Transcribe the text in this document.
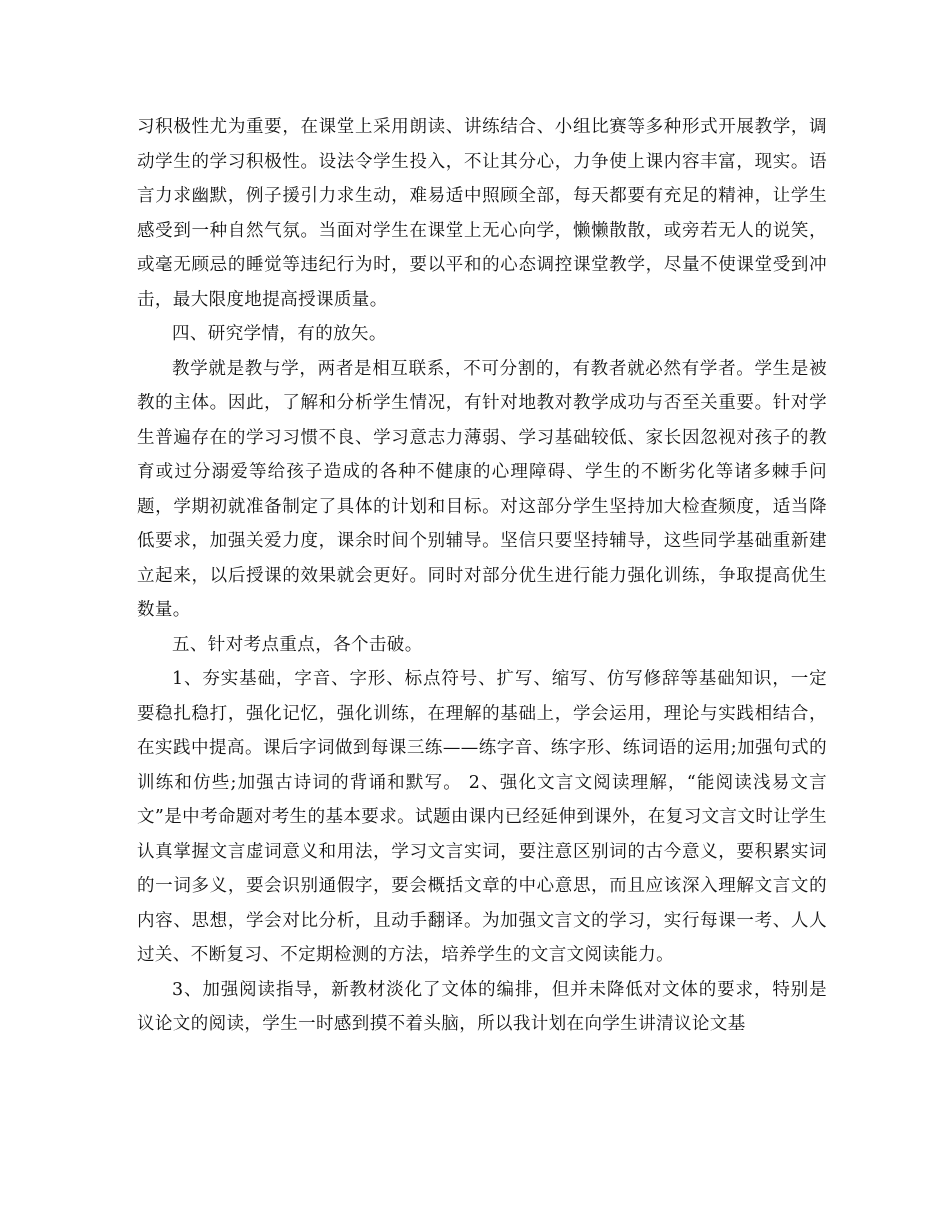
习积极性尤为重要，在课堂上采用朗读、讲练结合、小组比赛等多种形式开展教学，调动学生的学习积极性。设法令学生投入，不让其分心，力争使上课内容丰富，现实。语言力求幽默，例子援引力求生动，难易适中照顾全部，每天都要有充足的精神，让学生感受到一种自然气氛。当面对学生在课堂上无心向学，懒懒散散，或旁若无人的说笑，或毫无顾忌的睡觉等违纪行为时，要以平和的心态调控课堂教学，尽量不使课堂受到冲击，最大限度地提高授课质量。

四、研究学情，有的放矢。

教学就是教与学，两者是相互联系，不可分割的，有教者就必然有学者。学生是被教的主体。因此，了解和分析学生情况，有针对地教对教学成功与否至关重要。针对学生普遍存在的学习习惯不良、学习意志力薄弱、学习基础较低、家长因忽视对孩子的教育或过分溺爱等给孩子造成的各种不健康的心理障碍、学生的不断劣化等诸多棘手问题，学期初就准备制定了具体的计划和目标。对这部分学生坚持加大检查频度，适当降低要求，加强关爱力度，课余时间个别辅导。坚信只要坚持辅导，这些同学基础重新建立起来，以后授课的效果就会更好。同时对部分优生进行能力强化训练，争取提高优生数量。

五、针对考点重点，各个击破。

1、夯实基础，字音、字形、标点符号、扩写、缩写、仿写修辞等基础知识，一定要稳扎稳打，强化记忆，强化训练，在理解的基础上，学会运用，理论与实践相结合，在实践中提高。课后字词做到每课三练——练字音、练字形、练词语的运用;加强句式的训练和仿些;加强古诗词的背诵和默写。 2、强化文言文阅读理解，“能阅读浅易文言文”是中考命题对考生的基本要求。试题由课内已经延伸到课外，在复习文言文时让学生认真掌握文言虚词意义和用法，学习文言实词，要注意区别词的古今意义，要积累实词的一词多义，要会识别通假字，要会概括文章的中心意思，而且应该深入理解文言文的内容、思想，学会对比分析，且动手翻译。为加强文言文的学习，实行每课一考、人人过关、不断复习、不定期检测的方法，培养学生的文言文阅读能力。

3、加强阅读指导，新教材淡化了文体的编排，但并未降低对文体的要求，特别是议论文的阅读，学生一时感到摸不着头脑，所以我计划在向学生讲清议论文基
